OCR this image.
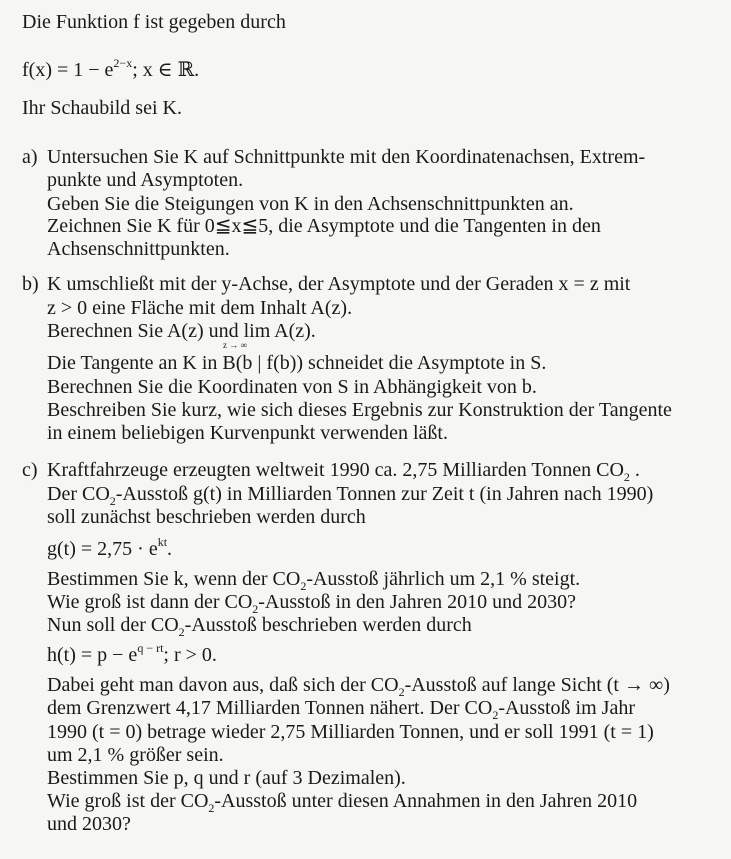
Die Funktion f ist gegeben durch
$f(x) = 1 - e^{2-x}$; x ∈ ℝ.
Ihr Schaubild sei K.
a) Untersuchen Sie K auf Schnittpunkte mit den Koordinatenachsen, Extrem-
punkte und Asymptoten.
Geben Sie die Steigungen von K in den Achsenschnittpunkten an.
Zeichnen Sie K für 0≦x≦5, die Asymptote und die Tangenten in den
Achsenschnittpunkten.
b) K umschließt mit der y-Achse, der Asymptote und der Geraden x = z mit
z > 0 eine Fläche mit dem Inhalt A(z).
Berechnen Sie A(z) und lim A(z).
z → ∞
Die Tangente an K in B(b | f(b)) schneidet die Asymptote in S.
Berechnen Sie die Koordinaten von S in Abhängigkeit von b.
Beschreiben Sie kurz, wie sich dieses Ergebnis zur Konstruktion der Tangente
in einem beliebigen Kurvenpunkt verwenden läßt.
c) Kraftfahrzeuge erzeugten weltweit 1990 ca. 2,75 Milliarden Tonnen $CO_2$ .
Der $CO_2$-Ausstoß g(t) in Milliarden Tonnen zur Zeit t (in Jahren nach 1990)
soll zunächst beschrieben werden durch
$g(t) = 2,75 \cdot e^{kt}$.
Bestimmen Sie k, wenn der $CO_2$-Ausstoß jährlich um 2,1 % steigt.
Wie groß ist dann der $CO_2$-Ausstoß in den Jahren 2010 und 2030?
Nun soll der $CO_2$-Ausstoß beschrieben werden durch
$h(t) = p - e^{q - rt}$; r > 0.
Dabei geht man davon aus, daß sich der $CO_2$-Ausstoß auf lange Sicht (t → ∞)
dem Grenzwert 4,17 Milliarden Tonnen nähert. Der $CO_2$-Ausstoß im Jahr
1990 (t = 0) betrage wieder 2,75 Milliarden Tonnen, und er soll 1991 (t = 1)
um 2,1 % größer sein.
Bestimmen Sie p, q und r (auf 3 Dezimalen).
Wie groß ist der $CO_2$-Ausstoß unter diesen Annahmen in den Jahren 2010
und 2030?
